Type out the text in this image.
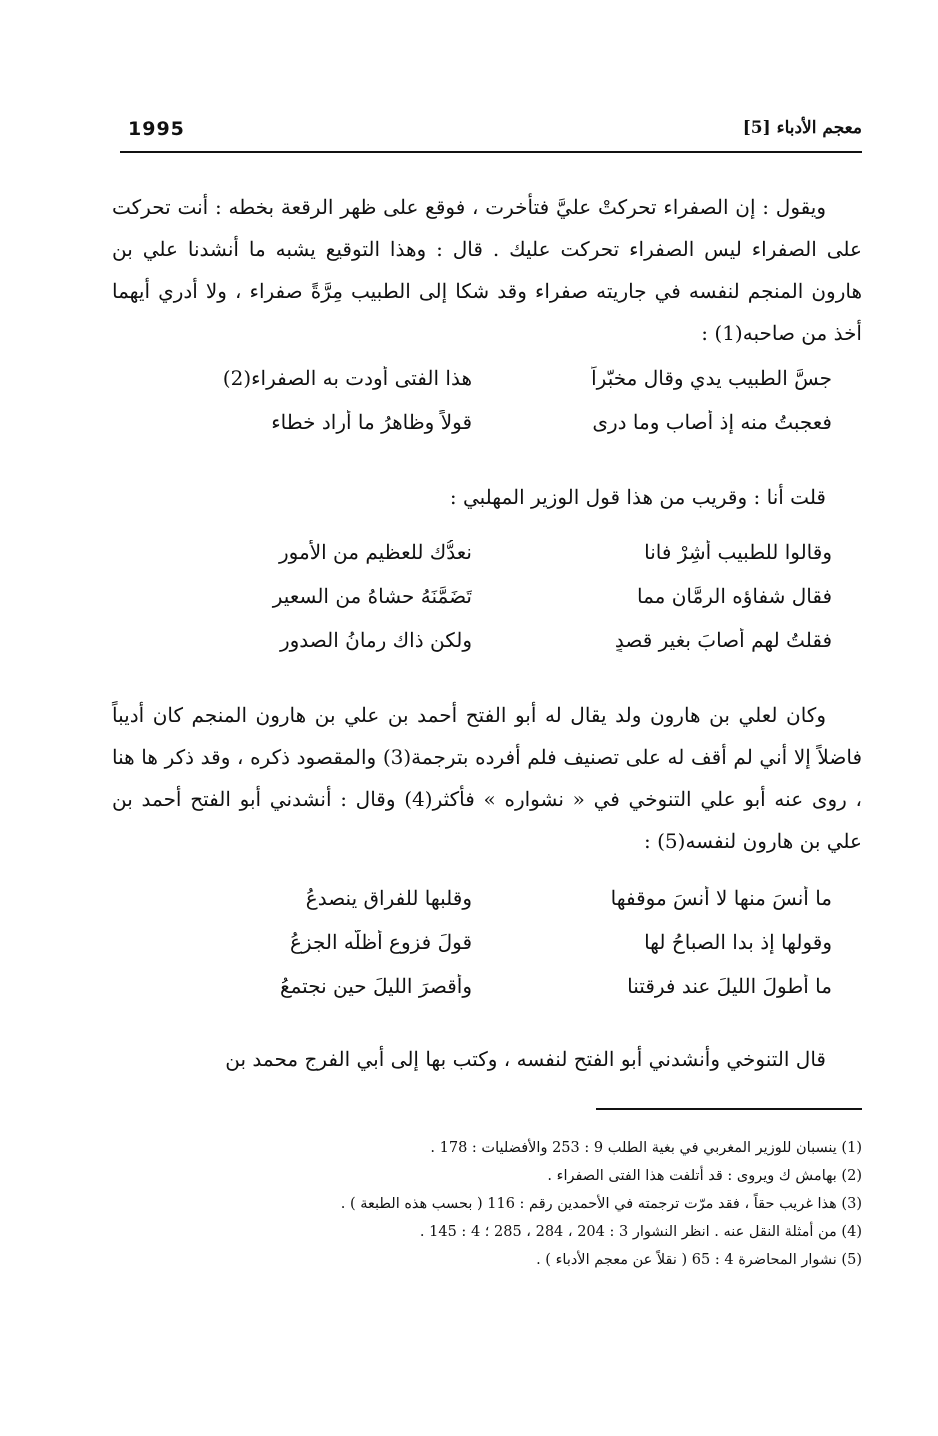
1995	معجم الأدباء [5]

ويقول : إن الصفراء تحركتْ عليَّ فتأخرت ، فوقع على ظهر الرقعة بخطه : أنت تحركت على الصفراء ليس الصفراء تحركت عليك . قال : وهذا التوقيع يشبه ما أنشدنا علي بن هارون المنجم لنفسه في جاريته صفراء وقد شكا إلى الطبيب مِرَّةً صفراء ، ولا أدري أيهما أخذ من صاحبه(1) :

جسَّ الطبيب يدي وقال مخبّراً
هذا الفتى أودت به الصفراء(2)
فعجبتُ منه إذ أصاب وما درى
قولاً وظاهرُ ما أراد خطاء

قلت أنا : وقريب من هذا قول الوزير المهلبي :

وقالوا للطبيب أشِرْ فانا
نعدُّك للعظيمِ من الأمورِ
فقال شفاؤه الرمَّان مما
تَضَمَّنَهُ حشاهُ من السعيرِ
فقلتُ لهم أصابَ بغير قصدٍ
ولكن ذاك رمانُ الصدورِ

وكان لعلي بن هارون ولد يقال له أبو الفتح أحمد بن علي بن هارون المنجم كان أديباً فاضلاً إلا أني لم أقف له على تصنيف فلم أفرده بترجمة(3) والمقصود ذكره ، وقد ذكر ها هنا ، روى عنه أبو علي التنوخي في « نشواره » فأكثر(4) وقال : أنشدني أبو الفتح أحمد بن علي بن هارون لنفسه(5) :

ما أنسَ منها لا أنسَ موقفها
وقلبها للفراق ينصدعُ
وقولها إذ بدا الصباحُ لها
قولَ فزوعٍ أظلَّه الجزعُ
ما أطولَ الليلَ عند فرقتنا
وأقصرَ الليلَ حين نجتمعُ

قال التنوخي وأنشدني أبو الفتح لنفسه ، وكتب بها إلى أبي الفرج محمد بن

(1) ينسبان للوزير المغربي في بغية الطلب 9 : 253 والأفضليات : 178 .
(2) بهامش ك ويروى : قد أتلفت هذا الفتى الصفراء .
(3) هذا غريب حقاً ، فقد مرّت ترجمته في الأحمدين رقم : 116 ( بحسب هذه الطبعة ) .
(4) من أمثلة النقل عنه . انظر النشوار 3 : 204 ، 284 ، 285 ؛ 4 : 145 .
(5) نشوار المحاضرة 4 : 65 ( نقلاً عن معجم الأدباء ) .
